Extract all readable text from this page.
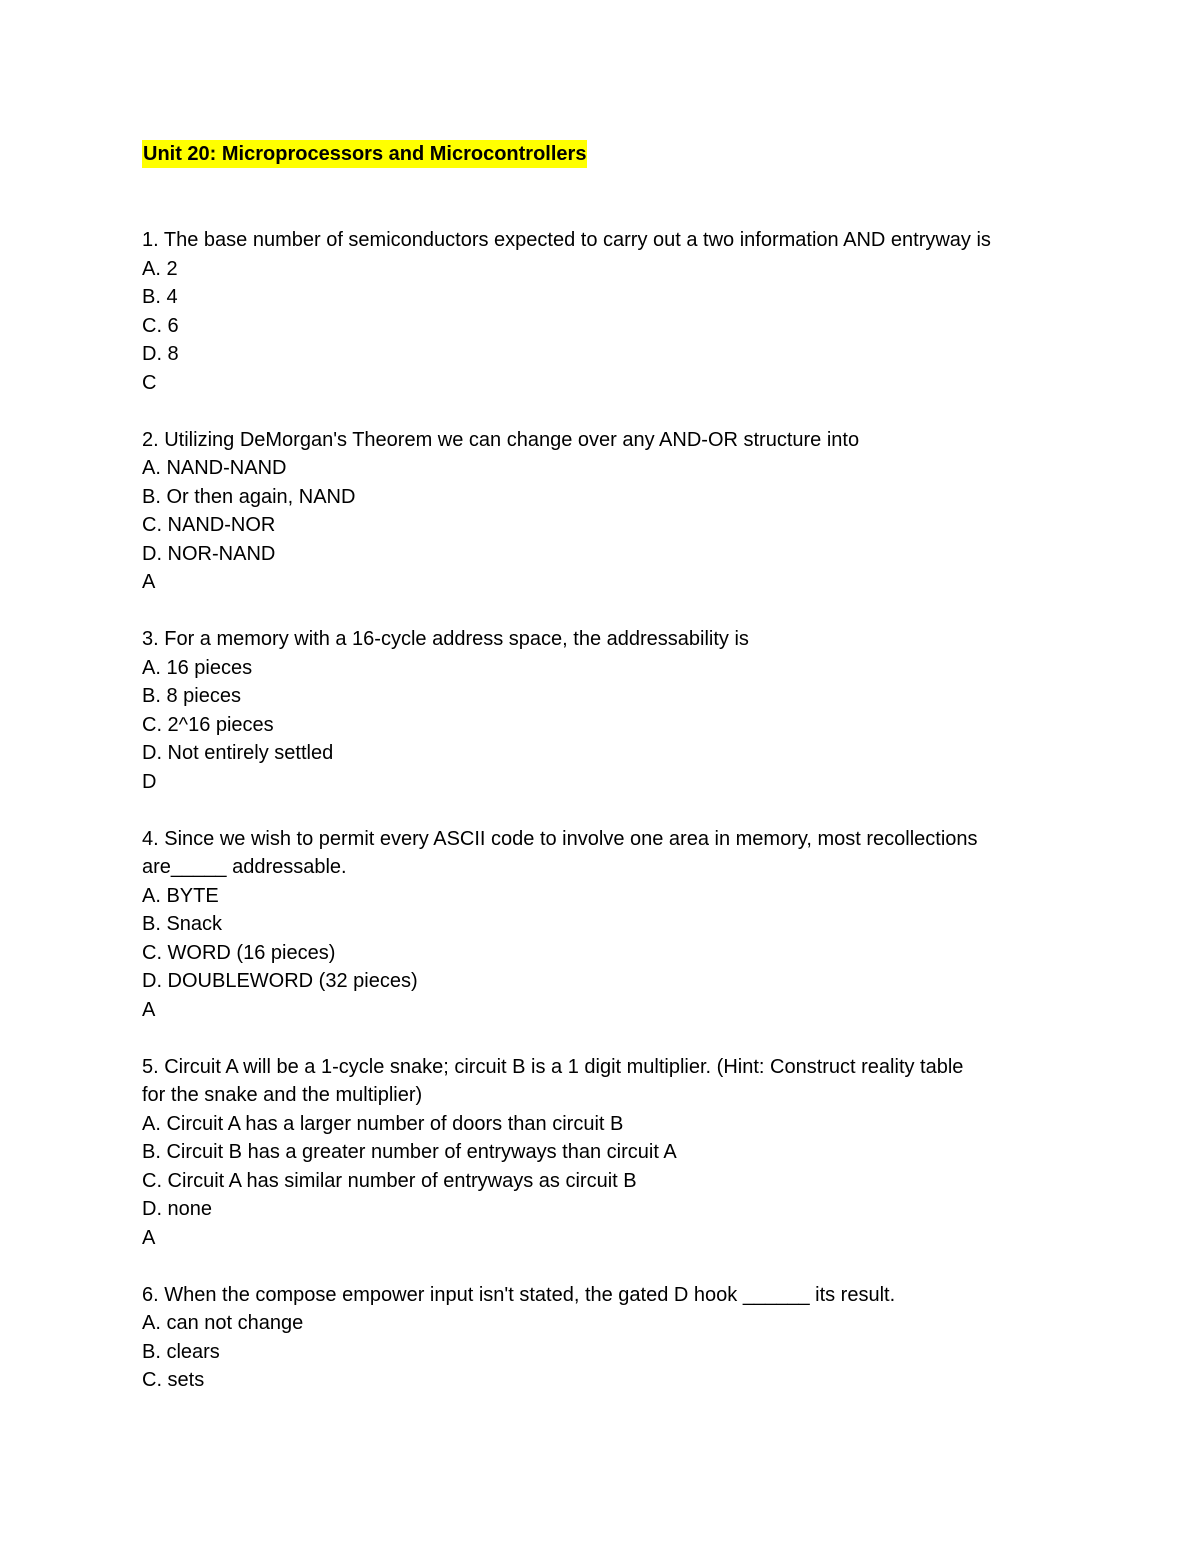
Unit 20: Microprocessors and Microcontrollers
1. The base number of semiconductors expected to carry out a two information AND entryway is
A. 2
B. 4
C. 6
D. 8
C
2. Utilizing DeMorgan's Theorem we can change over any AND-OR structure into
A. NAND-NAND
B. Or then again, NAND
C. NAND-NOR
D. NOR-NAND
A
3. For a memory with a 16-cycle address space, the addressability is
A. 16 pieces
B. 8 pieces
C. 2^16 pieces
D. Not entirely settled
D
4. Since we wish to permit every ASCII code to involve one area in memory, most recollections
are_____ addressable.
A. BYTE
B. Snack
C. WORD (16 pieces)
D. DOUBLEWORD (32 pieces)
A
5. Circuit A will be a 1-cycle snake; circuit B is a 1 digit multiplier. (Hint: Construct reality table
for the snake and the multiplier)
A. Circuit A has a larger number of doors than circuit B
B. Circuit B has a greater number of entryways than circuit A
C. Circuit A has similar number of entryways as circuit B
D. none
A
6. When the compose empower input isn't stated, the gated D hook ______ its result.
A. can not change
B. clears
C. sets
